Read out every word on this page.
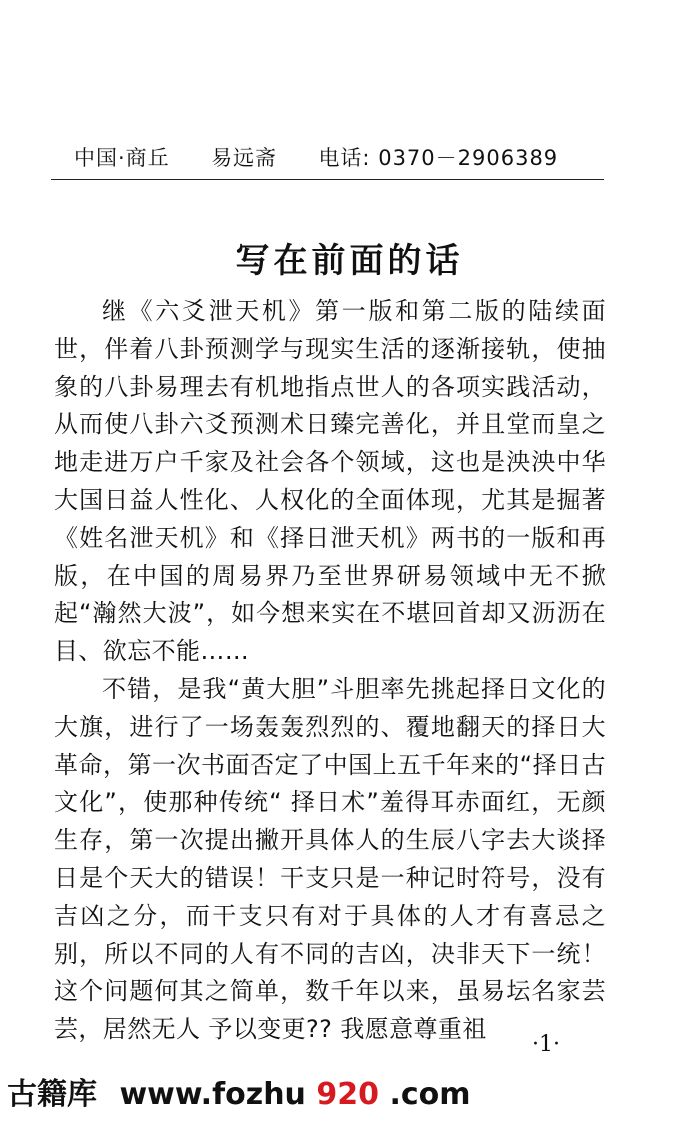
中国·商丘 易远斋 电话: 0370－2906389
写在前面的话

继《六爻泄天机》第一版和第二版的陆续面世，伴着八卦预测学与现实生活的逐渐接轨，使抽象的八卦易理去有机地指点世人的各项实践活动，从而使八卦六爻预测术日臻完善化，并且堂而皇之地走进万户千家及社会各个领域，这也是泱泱中华大国日益人性化、人权化的全面体现，尤其是掘著《姓名泄天机》和《择日泄天机》两书的一版和再版，在中国的周易界乃至世界研易领域中无不掀起“瀚然大波”，如今想来实在不堪回首却又沥沥在目、欲忘不能……

不错，是我“黄大胆”斗胆率先挑起择日文化的大旗，进行了一场轰轰烈烈的、覆地翻天的择日大革命，第一次书面否定了中国上五千年来的“择日古文化”，使那种传统“ 择日术”羞得耳赤面红，无颜生存，第一次提出撇开具体人的生辰八字去大谈择日是个天大的错误！干支只是一种记时符号，没有吉凶之分，而干支只有对于具体的人才有喜忌之别，所以不同的人有不同的吉凶，决非天下一统！这个问题何其之简单，数千年以来，虽易坛名家芸芸，居然无人 予以变更?? 我愿意尊重祖

·1·
古籍库 www.fozhu 920 .com
